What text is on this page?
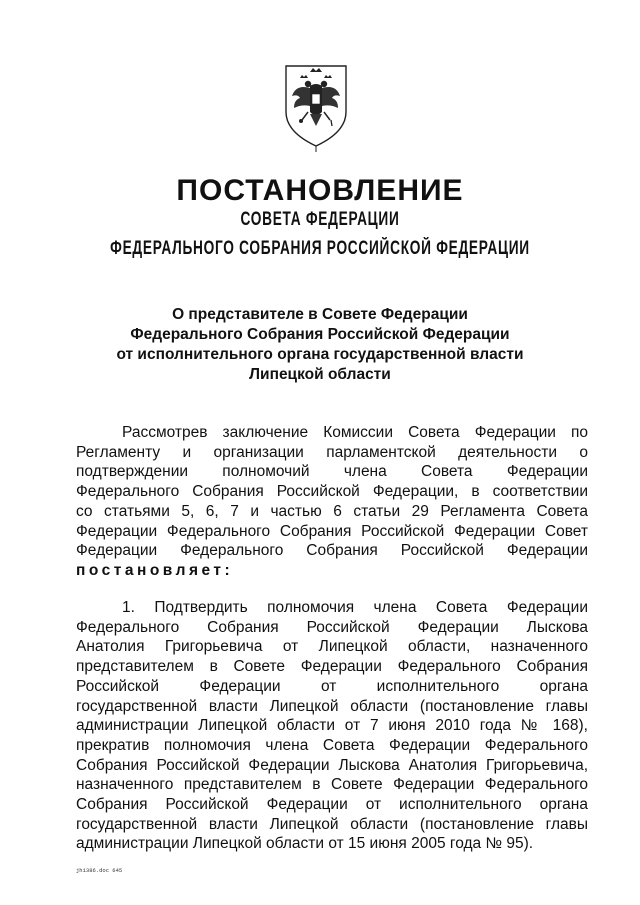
ПОСТАНОВЛЕНИЕ
СОВЕТА ФЕДЕРАЦИИ
ФЕДЕРАЛЬНОГО СОБРАНИЯ РОССИЙСКОЙ ФЕДЕРАЦИИ
О представителе в Совете Федерации
Федерального Собрания Российской Федерации
от исполнительного органа государственной власти
Липецкой области
Рассмотрев заключение Комиссии Совета Федерации по
Регламенту и организации парламентской деятельности о
подтверждении полномочий члена Совета Федерации
Федерального Собрания Российской Федерации, в соответствии
со статьями 5, 6, 7 и частью 6 статьи 29 Регламента Совета
Федерации Федерального Собрания Российской Федерации Совет
Федерации Федерального Собрания Российской Федерации
постановляет:
1. Подтвердить полномочия члена Совета Федерации
Федерального Собрания Российской Федерации Лыскова
Анатолия Григорьевича от Липецкой области, назначенного
представителем в Совете Федерации Федерального Собрания
Российской Федерации от исполнительного органа
государственной власти Липецкой области (постановление главы
администрации Липецкой области от 7 июня 2010 года № 168),
прекратив полномочия члена Совета Федерации Федерального
Собрания Российской Федерации Лыскова Анатолия Григорьевича,
назначенного представителем в Совете Федерации Федерального
Собрания Российской Федерации от исполнительного органа
государственной власти Липецкой области (постановление главы
администрации Липецкой области от 15 июня 2005 года № 95).
jh1386.doc 645
